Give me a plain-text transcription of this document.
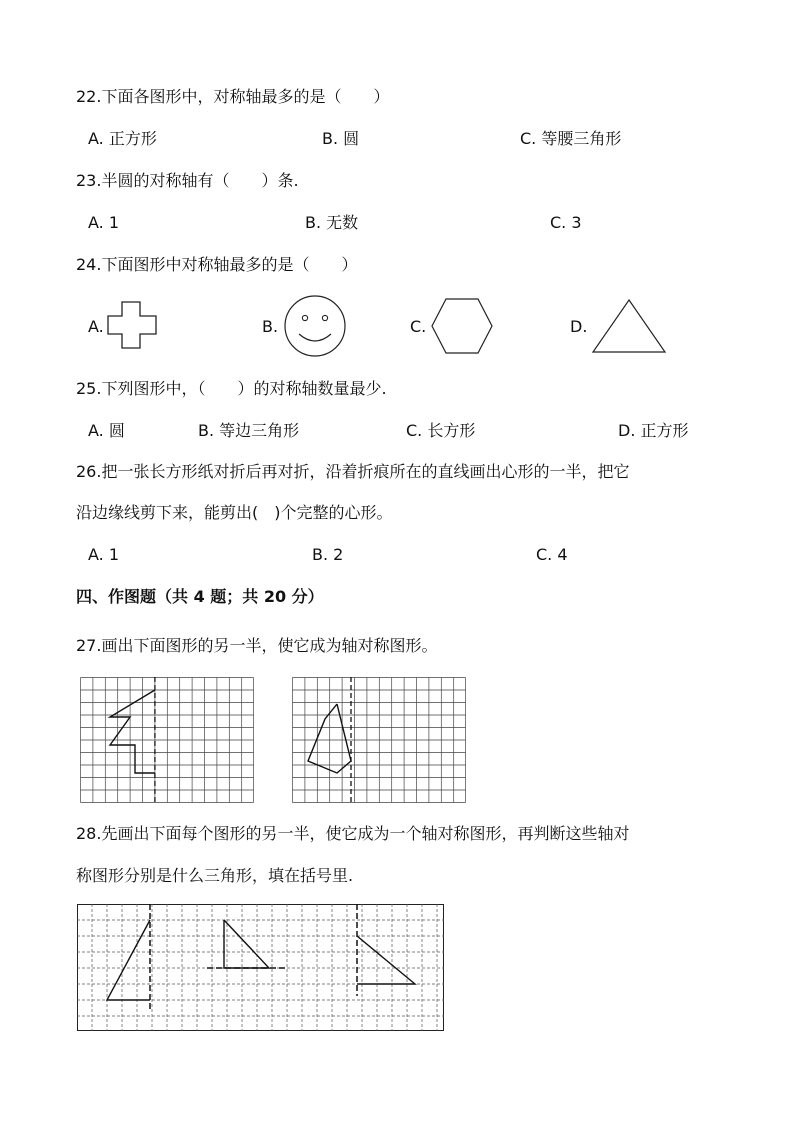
22.下面各图形中，对称轴最多的是（　　）
A. 正方形	B. 圆	C. 等腰三角形
23.半圆的对称轴有（　　）条.
A. 1	B. 无数	C. 3
24.下面图形中对称轴最多的是（　　）
A.	B.	C.	D.
25.下列图形中，（　　）的对称轴数量最少.
A. 圆	B. 等边三角形	C. 长方形	D. 正方形
26.把一张长方形纸对折后再对折，沿着折痕所在的直线画出心形的一半，把它
沿边缘线剪下来，能剪出(　)个完整的心形。
A. 1	B. 2	C. 4
四、作图题（共 4 题；共 20 分）
27.画出下面图形的另一半，使它成为轴对称图形。
28.先画出下面每个图形的另一半，使它成为一个轴对称图形，再判断这些轴对
称图形分别是什么三角形，填在括号里.
